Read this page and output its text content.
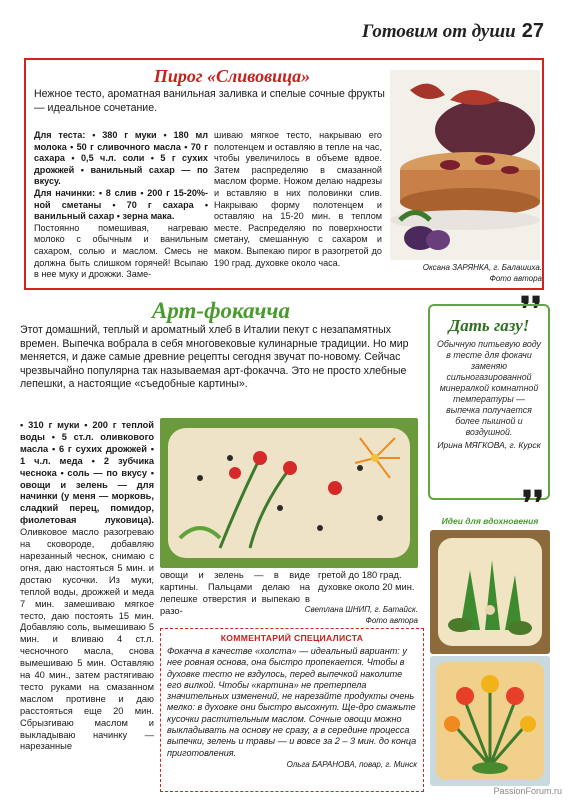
Готовим от души 27
Пирог «Сливовица»
Нежное тесто, ароматная ванильная заливка и спелые сочные фрукты — идеальное сочетание.
Для теста: • 380 г муки • 180 мл молока • 50 г сливочного масла • 70 г сахара • 0,5 ч.л. соли • 5 г сухих дрожжей • ванильный сахар — по вкусу.
Для начинки: • 8 слив • 200 г 15-20%-ной сметаны • 70 г сахара • ванильный сахар • зерна мака.
Постоянно помешивая, нагреваю молоко с обычным и ванильным сахаром, солью и маслом. Смесь не должна быть слишком горячей! Всыпаю в нее муку и дрожжи. Заме-
шиваю мягкое тесто, накрываю его полотенцем и оставляю в тепле на час, чтобы увеличилось в объеме вдвое. Затем распределяю в смазанной маслом форме. Ножом делаю надрезы и вставляю в них половинки слив. Накрываю форму полотенцем и оставляю на 15-20 мин. в теплом месте. Распределяю по поверхности сметану, смешанную с сахаром и маком. Выпекаю пирог в разогретой до 190 град. духовке около часа.	Оксана ЗАРЯНКА, г. Балашиха.
Фото автора
Арт-фокачча
Этот домашний, теплый и ароматный хлеб в Италии пекут с незапамятных времен. Выпечка вобрала в себя многовековые кулинарные традиции. Но мир меняется, и даже самые древние рецепты сегодня звучат по-новому. Сейчас чрезвычайно популярна так называемая арт-фокачча. Это не просто хлебные лепешки, а настоящие «съедобные картины».
• 310 г муки • 200 г теплой воды • 5 ст.л. оливкового масла • 6 г сухих дрожжей • 1 ч.л. меда • 2 зубчика чеснока • соль — по вкусу • овощи и зелень — для начинки (у меня — морковь, сладкий перец, помидор, фиолетовая луковица). Оливковое масло разогреваю на сковороде, добавляю нарезанный чеснок, снимаю с огня, даю настояться 5 мин. и достаю кусочки. Из муки, теплой воды, дрожжей и меда 7 мин. замешиваю мягкое тесто, даю постоять 15 мин. Добавляю соль, вымешиваю 5 мин. и вливаю 4 ст.л. чесночного масла, снова вымешиваю 5 мин. Оставляю на 40 мин., затем растягиваю тесто руками на смазанном маслом противне и даю расстояться еще 20 мин. Сбрызгиваю маслом и выкладываю начинку — нарезанные
овощи и зелень — в виде картины. Пальцами делаю на лепешке отверстия и выпекаю в разо-
гретой до 180 град. духовке около 20 мин.
Светлана ШНИП, г. Батайск.
Фото автора
❜❜
Дать газу!
Обычную питьевую воду в тесте для фокачи заменяю сильногазированной минералкой комнатной температуры — выпечка получается более пышной и воздушной.
Ирина МЯГКОВА, г. Курск
❜❜
Идеи для вдохновения
КОММЕНТАРИЙ СПЕЦИАЛИСТА
Фокачча в качестве «холста» — идеальный вариант: у нее ровная основа, она быстро пропекается. Чтобы в духовке тесто не вздулось, перед выпечкой наколите его вилкой. Чтобы «картина» не претерпела значительных изменений, не нарезайте продукты очень мелко: в духовке они быстро высохнут. Ще-дро смажьте кусочки растительным маслом. Сочные овощи можно выкладывать на основу не сразу, а в середине процесса выпечки, зелень и травы — и вовсе за 2 – 3 мин. до конца приготовления.
Ольга БАРАНОВА, повар, г. Минск
PassionForum.ru
